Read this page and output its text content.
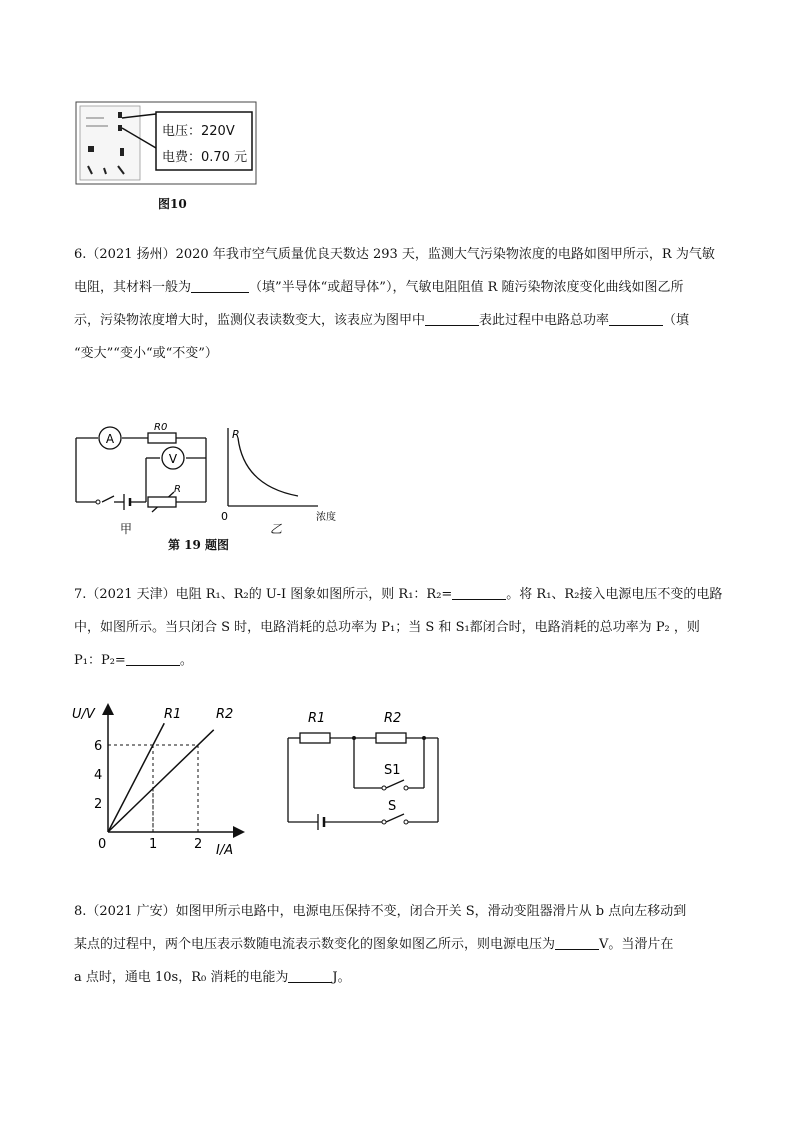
电压：220V
电费：0.70 元
图10

6.（2021 扬州）2020 年我市空气质量优良天数达 293 天，监测大气污染物浓度的电路如图甲所示，R 为气敏

电阻，其材料一般为	（填”半导体“或超导体”），气敏电阻阻值 R 随污染物浓度变化曲线如图乙所

示，污染物浓度增大时，监测仪表读数变大，该表应为图甲中	表此过程中电路总功率	（填

“变大”“变小“或“不变”）

A
R0
V
R
甲
R
0	浓度
乙
第 19 题图

7.（2021 天津）电阻 R₁、R₂的 U-I 图象如图所示，则 R₁：R₂=	。将 R₁、R₂接入电源电压不变的电路

中，如图所示。当只闭合 S 时，电路消耗的总功率为 P₁；当 S 和 S₁都闭合时，电路消耗的总功率为 P₂ ，则

P₁：P₂=	。

2
4
6
0	1	2
U/V
I/A
R1	R2	R1	R2
S1
S

8.（2021 广安）如图甲所示电路中，电源电压保持不变，闭合开关 S，滑动变阻器滑片从 b 点向左移动到

某点的过程中，两个电压表示数随电流表示数变化的图象如图乙所示，则电源电压为	V。当滑片在

a 点时，通电 10s，R₀ 消耗的电能为	J。
